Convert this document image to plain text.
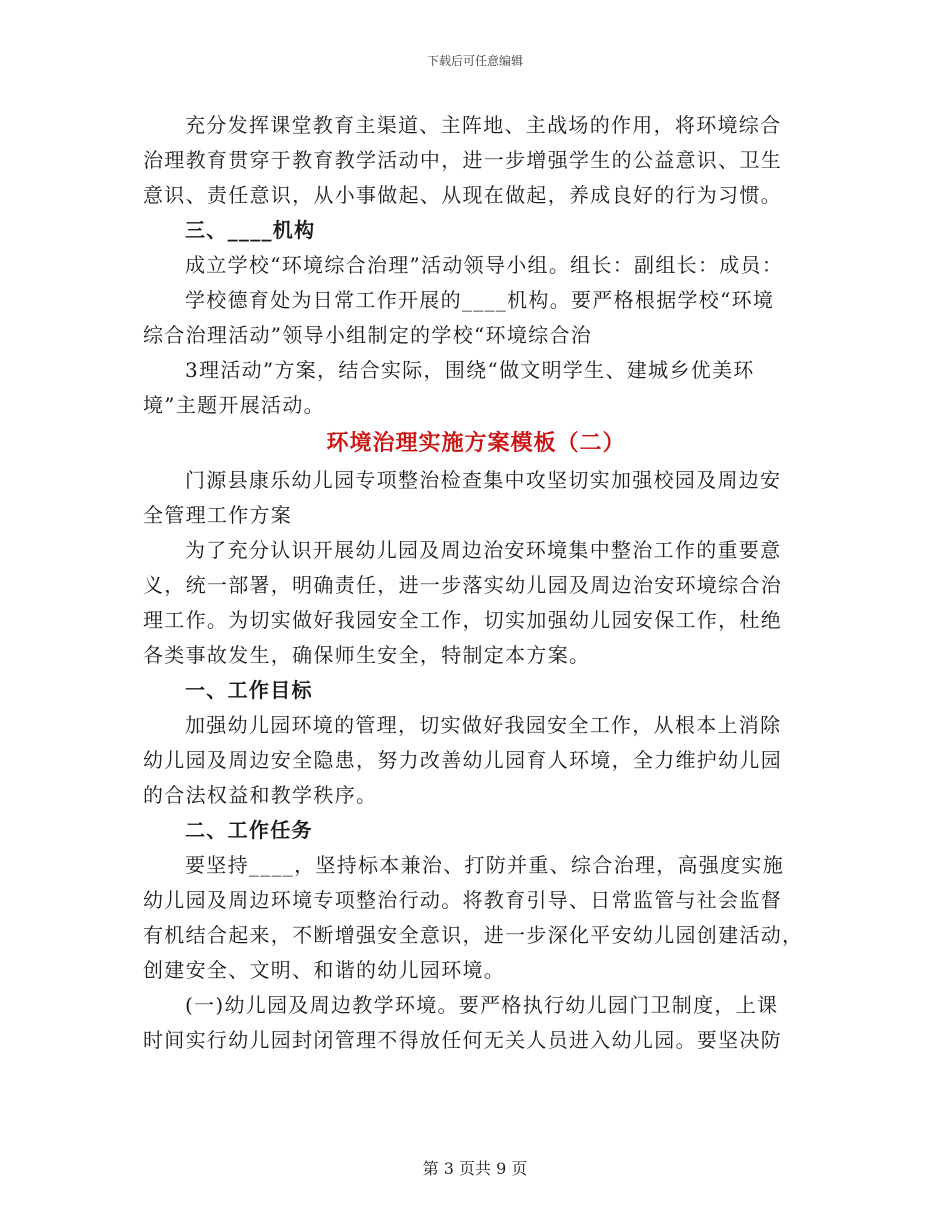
下载后可任意编辑
充分发挥课堂教育主渠道、主阵地、主战场的作用，将环境综合
治理教育贯穿于教育教学活动中，进一步增强学生的公益意识、卫生
意识、责任意识，从小事做起、从现在做起，养成良好的行为习惯。
三、____机构
成立学校“环境综合治理”活动领导小组。组长：副组长：成员：
学校德育处为日常工作开展的____机构。要严格根据学校“环境
综合治理活动”领导小组制定的学校“环境综合治
3理活动”方案，结合实际，围绕“做文明学生、建城乡优美环
境”主题开展活动。
环境治理实施方案模板（二）
门源县康乐幼儿园专项整治检查集中攻坚切实加强校园及周边安
全管理工作方案
为了充分认识开展幼儿园及周边治安环境集中整治工作的重要意
义，统一部署，明确责任，进一步落实幼儿园及周边治安环境综合治
理工作。为切实做好我园安全工作，切实加强幼儿园安保工作，杜绝
各类事故发生，确保师生安全，特制定本方案。
一、工作目标
加强幼儿园环境的管理，切实做好我园安全工作，从根本上消除
幼儿园及周边安全隐患，努力改善幼儿园育人环境，全力维护幼儿园
的合法权益和教学秩序。
二、工作任务
要坚持____，坚持标本兼治、打防并重、综合治理，高强度实施
幼儿园及周边环境专项整治行动。将教育引导、日常监管与社会监督
有机结合起来，不断增强安全意识，进一步深化平安幼儿园创建活动，
创建安全、文明、和谐的幼儿园环境。
(一)幼儿园及周边教学环境。要严格执行幼儿园门卫制度，上课
时间实行幼儿园封闭管理不得放任何无关人员进入幼儿园。要坚决防
第 3 页共 9 页
